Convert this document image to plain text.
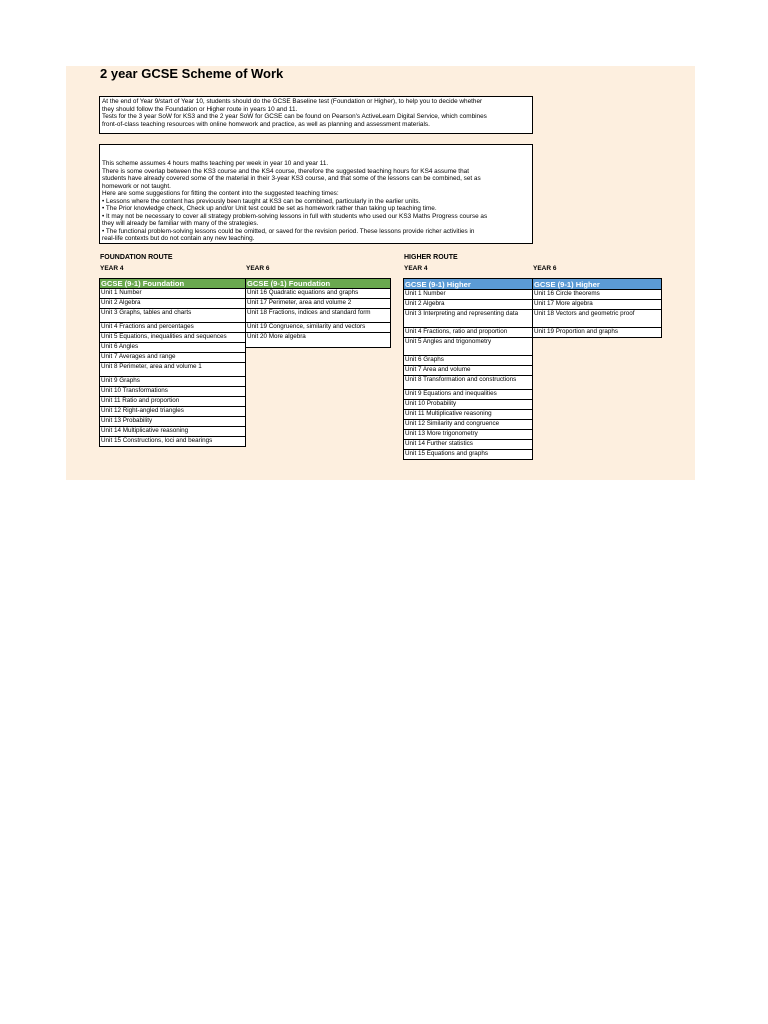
2 year GCSE Scheme of Work
At the end of Year 9/start of Year 10, students should do the GCSE Baseline test (Foundation or Higher), to help you to decide whether
they should follow the Foundation or Higher route in years 10 and 11.
Tests for the 3 year SoW for KS3 and the 2 year SoW for GCSE can be found on Pearson's ActiveLearn Digital Service, which combines
front-of-class teaching resources with online homework and practice, as well as planning and assessment materials.
This scheme assumes 4 hours maths teaching per week in year 10 and year 11.
There is some overlap between the KS3 course and the KS4 course, therefore the suggested teaching hours for KS4 assume that
students have already covered some of the material in their 3-year KS3 course, and that some of the lessons can be combined, set as
homework or not taught.
Here are some suggestions for fitting the content into the suggested teaching times:
• Lessons where the content has previously been taught at KS3 can be combined, particularly in the earlier units.
• The Prior knowledge check, Check up and/or Unit test could be set as homework rather than taking up teaching time.
• It may not be necessary to cover all strategy problem-solving lessons in full with students who used our KS3 Maths Progress course as
they will already be familiar with many of the strategies.
• The functional problem-solving lessons could be omitted, or saved for the revision period. These lessons provide richer activities in
real-life contexts but do not contain any new teaching.
FOUNDATION ROUTE
YEAR 4	YEAR 6
HIGHER ROUTE
YEAR 4	YEAR 6
GCSE (9-1) Foundation
Unit 1 Number
Unit 2 Algebra
Unit 3 Graphs, tables and charts
Unit 4 Fractions and percentages
Unit 5 Equations, inequalities and sequences
Unit 6 Angles
Unit 7 Averages and range
Unit 8 Perimeter, area and volume 1
Unit 9 Graphs
Unit 10 Transformations
Unit 11 Ratio and proportion
Unit 12 Right-angled triangles
Unit 13 Probability
Unit 14 Multiplicative reasoning
Unit 15 Constructions, loci and bearings
GCSE (9-1) Foundation
Unit 16 Quadratic equations and graphs
Unit 17 Perimeter, area and volume 2
Unit 18 Fractions, indices and standard form
Unit 19 Congruence, similarity and vectors
Unit 20 More algebra
GCSE (9-1) Higher
Unit 1 Number
Unit 2 Algebra
Unit 3 Interpreting and representing data
Unit 4 Fractions, ratio and proportion
Unit 5 Angles and trigonometry
Unit 6 Graphs
Unit 7 Area and volume
Unit 8 Transformation and constructions
Unit 9 Equations and inequalities
Unit 10 Probability
Unit 11 Multiplicative reasoning
Unit 12 Similarity and congruence
Unit 13 More trigonometry
Unit 14 Further statistics
Unit 15 Equations and graphs
GCSE (9-1) Higher
Unit 16 Circle theorems
Unit 17 More algebra
Unit 18 Vectors and geometric proof
Unit 19 Proportion and graphs
